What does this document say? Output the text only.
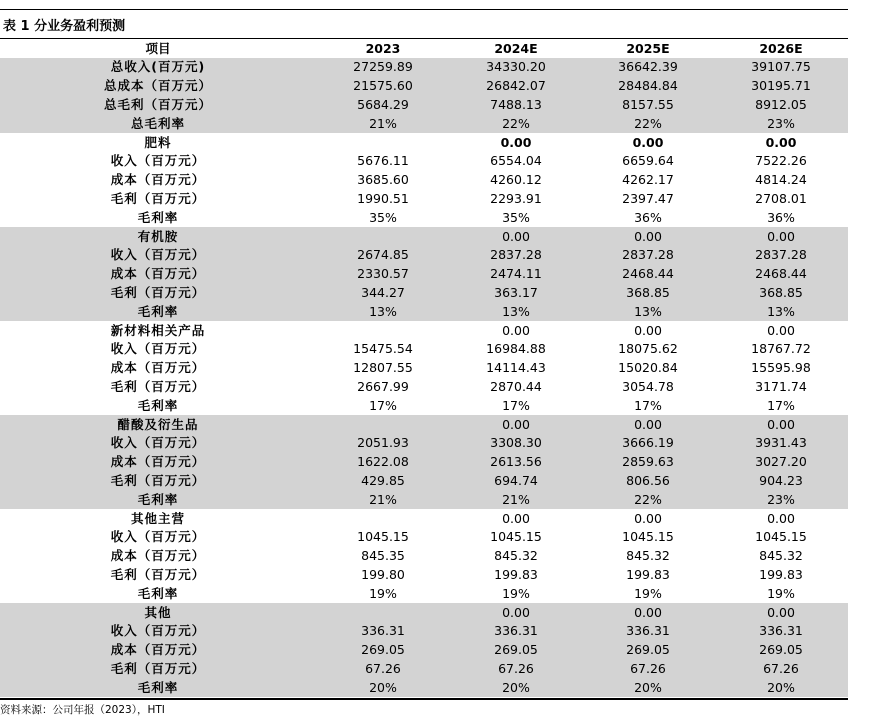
表 1 分业务盈利预测
项目	2023	2024E	2025E	2026E
总收入(百万元)	27259.89	34330.20	36642.39	39107.75
总成本（百万元）	21575.60	26842.07	28484.84	30195.71
总毛利（百万元）	5684.29	7488.13	8157.55	8912.05
总毛利率	21%	22%	22%	23%
肥料		0.00	0.00	0.00
收入（百万元）	5676.11	6554.04	6659.64	7522.26
成本（百万元）	3685.60	4260.12	4262.17	4814.24
毛利（百万元）	1990.51	2293.91	2397.47	2708.01
毛利率	35%	35%	36%	36%
有机胺		0.00	0.00	0.00
收入（百万元）	2674.85	2837.28	2837.28	2837.28
成本（百万元）	2330.57	2474.11	2468.44	2468.44
毛利（百万元）	344.27	363.17	368.85	368.85
毛利率	13%	13%	13%	13%
新材料相关产品		0.00	0.00	0.00
收入（百万元）	15475.54	16984.88	18075.62	18767.72
成本（百万元）	12807.55	14114.43	15020.84	15595.98
毛利（百万元）	2667.99	2870.44	3054.78	3171.74
毛利率	17%	17%	17%	17%
醋酸及衍生品		0.00	0.00	0.00
收入（百万元）	2051.93	3308.30	3666.19	3931.43
成本（百万元）	1622.08	2613.56	2859.63	3027.20
毛利（百万元）	429.85	694.74	806.56	904.23
毛利率	21%	21%	22%	23%
其他主营		0.00	0.00	0.00
收入（百万元）	1045.15	1045.15	1045.15	1045.15
成本（百万元）	845.35	845.32	845.32	845.32
毛利（百万元）	199.80	199.83	199.83	199.83
毛利率	19%	19%	19%	19%
其他		0.00	0.00	0.00
收入（百万元）	336.31	336.31	336.31	336.31
成本（百万元）	269.05	269.05	269.05	269.05
毛利（百万元）	67.26	67.26	67.26	67.26
毛利率	20%	20%	20%	20%
资料来源：公司年报（2023），HTI
